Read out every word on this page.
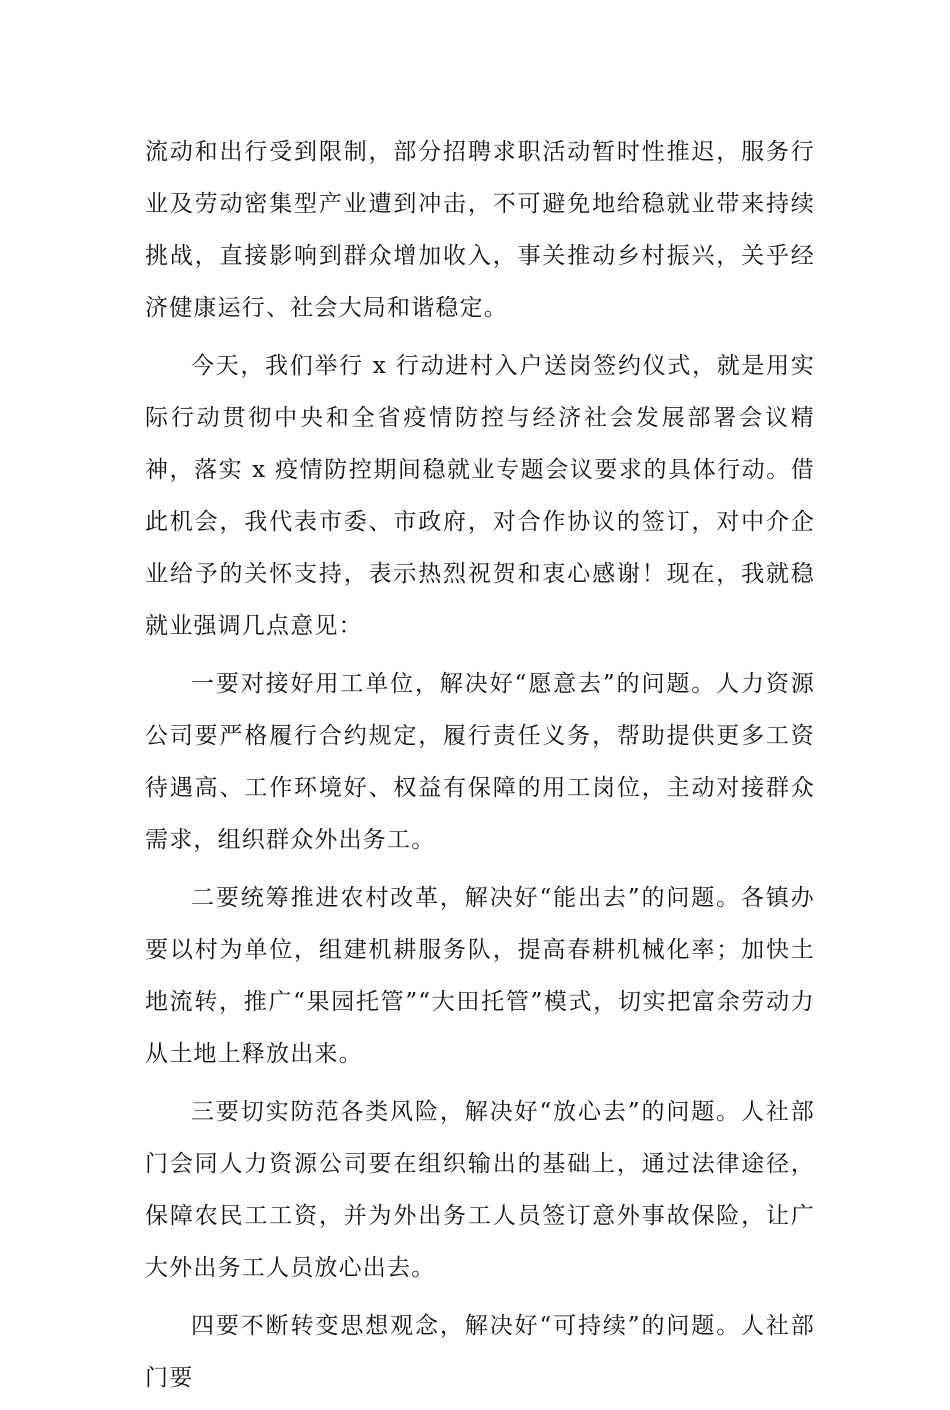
流动和出行受到限制，部分招聘求职活动暂时性推迟，服务行业及劳动密集型产业遭到冲击，不可避免地给稳就业带来持续挑战，直接影响到群众增加收入，事关推动乡村振兴，关乎经济健康运行、社会大局和谐稳定。

今天，我们举行 x 行动进村入户送岗签约仪式，就是用实际行动贯彻中央和全省疫情防控与经济社会发展部署会议精神，落实 x 疫情防控期间稳就业专题会议要求的具体行动。借此机会，我代表市委、市政府，对合作协议的签订，对中介企业给予的关怀支持，表示热烈祝贺和衷心感谢！现在，我就稳就业强调几点意见：

一要对接好用工单位，解决好“愿意去”的问题。人力资源公司要严格履行合约规定，履行责任义务，帮助提供更多工资待遇高、工作环境好、权益有保障的用工岗位，主动对接群众需求，组织群众外出务工。

二要统筹推进农村改革，解决好“能出去”的问题。各镇办要以村为单位，组建机耕服务队，提高春耕机械化率；加快土地流转，推广“果园托管”“大田托管”模式，切实把富余劳动力从土地上释放出来。

三要切实防范各类风险，解决好“放心去”的问题。人社部门会同人力资源公司要在组织输出的基础上，通过法律途径，保障农民工工资，并为外出务工人员签订意外事故保险，让广大外出务工人员放心出去。

四要不断转变思想观念，解决好“可持续”的问题。人社部门要
